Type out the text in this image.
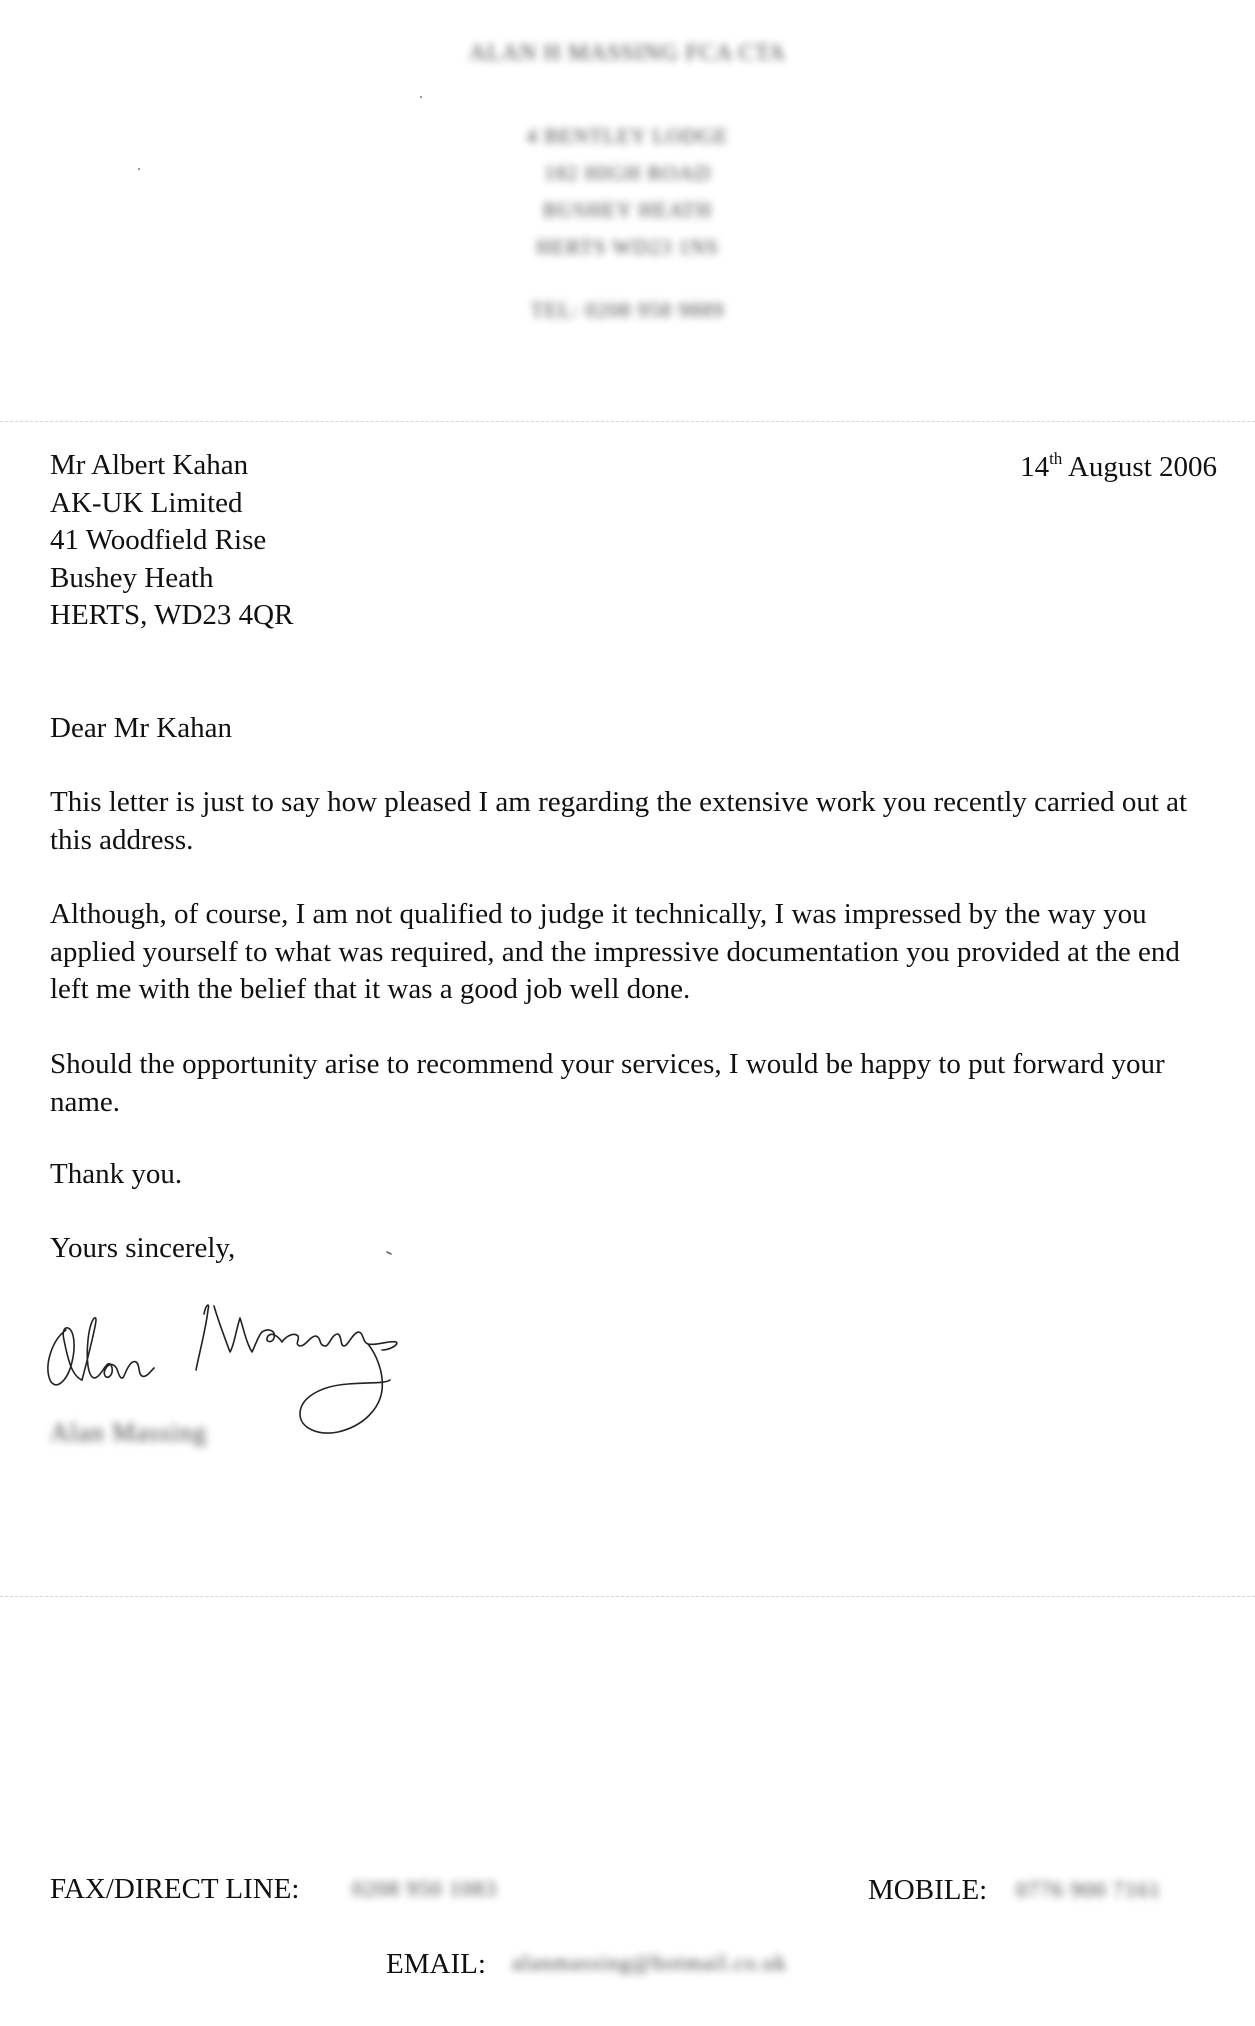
ALAN H MASSING FCA CTA
4 BENTLEY LODGE
182 HIGH ROAD
BUSHEY HEATH
HERTS WD23 1NS
TEL: 0208 958 9889
Mr Albert Kahan
AK-UK Limited
41 Woodfield Rise
Bushey Heath
HERTS, WD23 4QR
14th August 2006
Dear Mr Kahan
This letter is just to say how pleased I am regarding the extensive work you recently carried out at this address.
Although, of course, I am not qualified to judge it technically, I was impressed by the way you applied yourself to what was required, and the impressive documentation you provided at the end left me with the belief that it was a good job well done.
Should the opportunity arise to recommend your services, I would be happy to put forward your name.
Thank you.
Yours sincerely,
Alan Massing
FAX/DIRECT LINE: 0208 950 1083	MOBILE: 0776 900 7161
EMAIL: alanmassing@hotmail.co.uk
